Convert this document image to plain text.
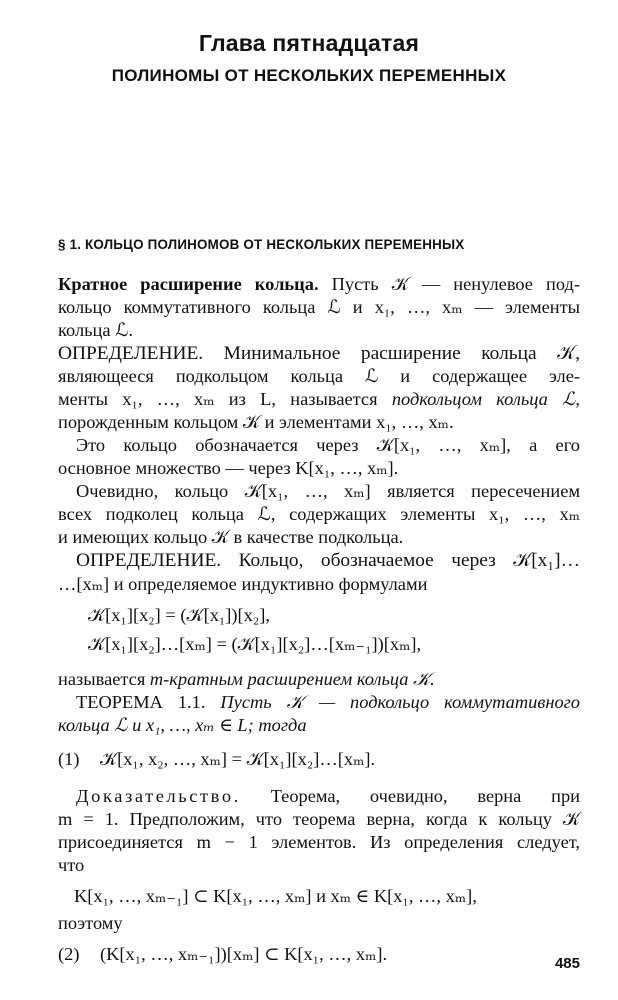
Глава пятнадцатая
ПОЛИНОМЫ ОТ НЕСКОЛЬКИХ ПЕРЕМЕННЫХ
§ 1. КОЛЬЦО ПОЛИНОМОВ ОТ НЕСКОЛЬКИХ ПЕРЕМЕННЫХ
Кратное расширение кольца. Пусть 𝒦 — ненулевое под-
кольцо коммутативного кольца ℒ и x₁, …, xₘ — элементы
кольца ℒ.
ОПРЕДЕЛЕНИЕ. Минимальное расширение кольца 𝒦,
являющееся подкольцом кольца ℒ и содержащее эле-
менты x₁, …, xₘ из L, называется подкольцом кольца ℒ,
порожденным кольцом 𝒦 и элементами x₁, …, xₘ.
Это кольцо обозначается через 𝒦[x₁, …, xₘ], а его
основное множество — через K[x₁, …, xₘ].
Очевидно, кольцо 𝒦[x₁, …, xₘ] является пересечением
всех подколец кольца ℒ, содержащих элементы x₁, …, xₘ
и имеющих кольцо 𝒦 в качестве подкольца.
ОПРЕДЕЛЕНИЕ. Кольцо, обозначаемое через 𝒦[x₁]…
…[xₘ] и определяемое индуктивно формулами
𝒦[x₁][x₂] = (𝒦[x₁])[x₂],
𝒦[x₁][x₂]…[xₘ] = (𝒦[x₁][x₂]…[xₘ₋₁])[xₘ],
называется m-кратным расширением кольца 𝒦.
ТЕОРЕМА 1.1. Пусть 𝒦 — подкольцо коммутативного
кольца ℒ и x₁, …, xₘ ∈ L; тогда
(1)	𝒦[x₁, x₂, …, xₘ] = 𝒦[x₁][x₂]…[xₘ].
Доказательство. Теорема, очевидно, верна при
m = 1. Предположим, что теорема верна, когда к кольцу 𝒦
присоединяется m − 1 элементов. Из определения следует,
что
K[x₁, …, xₘ₋₁] ⊂ K[x₁, …, xₘ] и xₘ ∈ K[x₁, …, xₘ],
поэтому
(2)	(K[x₁, …, xₘ₋₁])[xₘ] ⊂ K[x₁, …, xₘ].	485
